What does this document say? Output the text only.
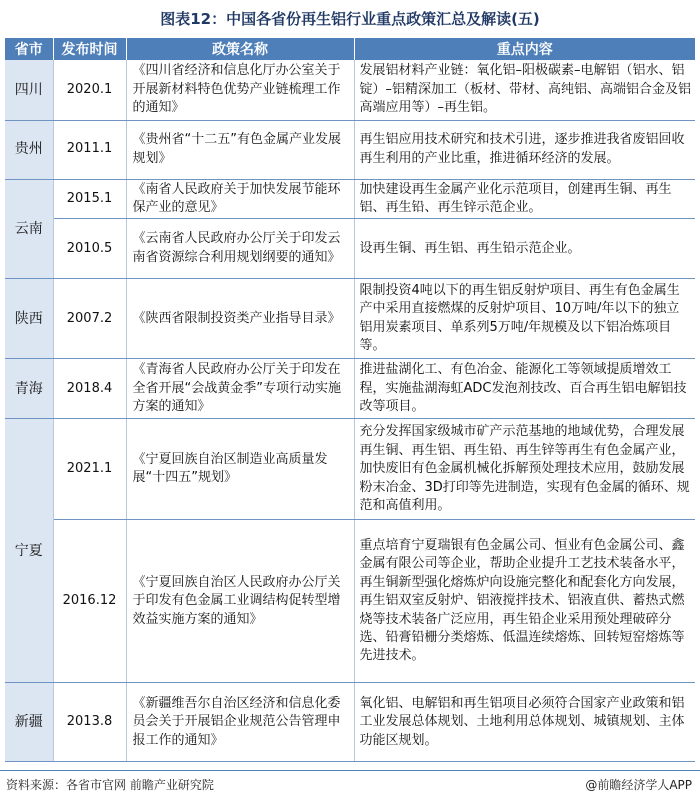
图表12：中国各省份再生铝行业重点政策汇总及解读(五)
省市	发布时间	政策名称	重点内容
四川	2020.1	《四川省经济和信息化厅办公室关于开展新材料特色优势产业链梳理工作的通知》	发展铝材料产业链：氧化铝–阳极碳素–电解铝（铝水、铝锭）–铝精深加工（板材、带材、高纯铝、高端铝合金及铝高端应用等）–再生铝。
贵州	2011.1	《贵州省“十二五”有色金属产业发展规划》	再生铝应用技术研究和技术引进，逐步推进我省废铝回收再生利用的产业比重，推进循环经济的发展。
云南	2015.1	《南省人民政府关于加快发展节能环保产业的意见》	加快建设再生金属产业化示范项目，创建再生铜、再生铝、再生铅、再生锌示范企业。
	2010.5	《云南省人民政府办公厅关于印发云南省资源综合利用规划纲要的通知》	设再生铜、再生铝、再生铅示范企业。
陕西	2007.2	《陕西省限制投资类产业指导目录》	限制投资4吨以下的再生铝反射炉项目、再生有色金属生产中采用直接燃煤的反射炉项目、10万吨/年以下的独立铝用炭素项目、单系列5万吨/年规模及以下铝冶炼项目等。
青海	2018.4	《青海省人民政府办公厅关于印发在全省开展“会战黄金季”专项行动实施方案的通知》	推进盐湖化工、有色冶金、能源化工等领域提质增效工程，实施盐湖海虹ADC发泡剂技改、百合再生铝电解铝技改等项目。
宁夏	2021.1	《宁夏回族自治区制造业高质量发展“十四五”规划》	充分发挥国家级城市矿产示范基地的地域优势，合理发展再生铜、再生铝、再生铅、再生锌等再生有色金属产业，加快废旧有色金属机械化拆解预处理技术应用，鼓励发展粉末冶金、3D打印等先进制造，实现有色金属的循环、规范和高值利用。
	2016.12	《宁夏回族自治区人民政府办公厅关于印发有色金属工业调结构促转型增效益实施方案的通知》	重点培育宁夏瑞银有色金属公司、恒业有色金属公司、鑫金属有限公司等企业，帮助企业提升工艺技术装备水平，再生铜新型强化熔炼炉向设施完整化和配套化方向发展，再生铝双室反射炉、铝液搅拌技术、铝液直供、蓄热式燃烧等技术装备广泛应用，再生铅企业采用预处理破碎分选、铅膏铅栅分类熔炼、低温连续熔炼、回转短窑熔炼等先进技术。
新疆	2013.8	《新疆维吾尔自治区经济和信息化委员会关于开展铝企业规范公告管理申报工作的通知》	氧化铝、电解铝和再生铝项目必须符合国家产业政策和铝工业发展总体规划、土地利用总体规划、城镇规划、主体功能区规划。
资料来源：各省市官网 前瞻产业研究院	@前瞻经济学人APP
